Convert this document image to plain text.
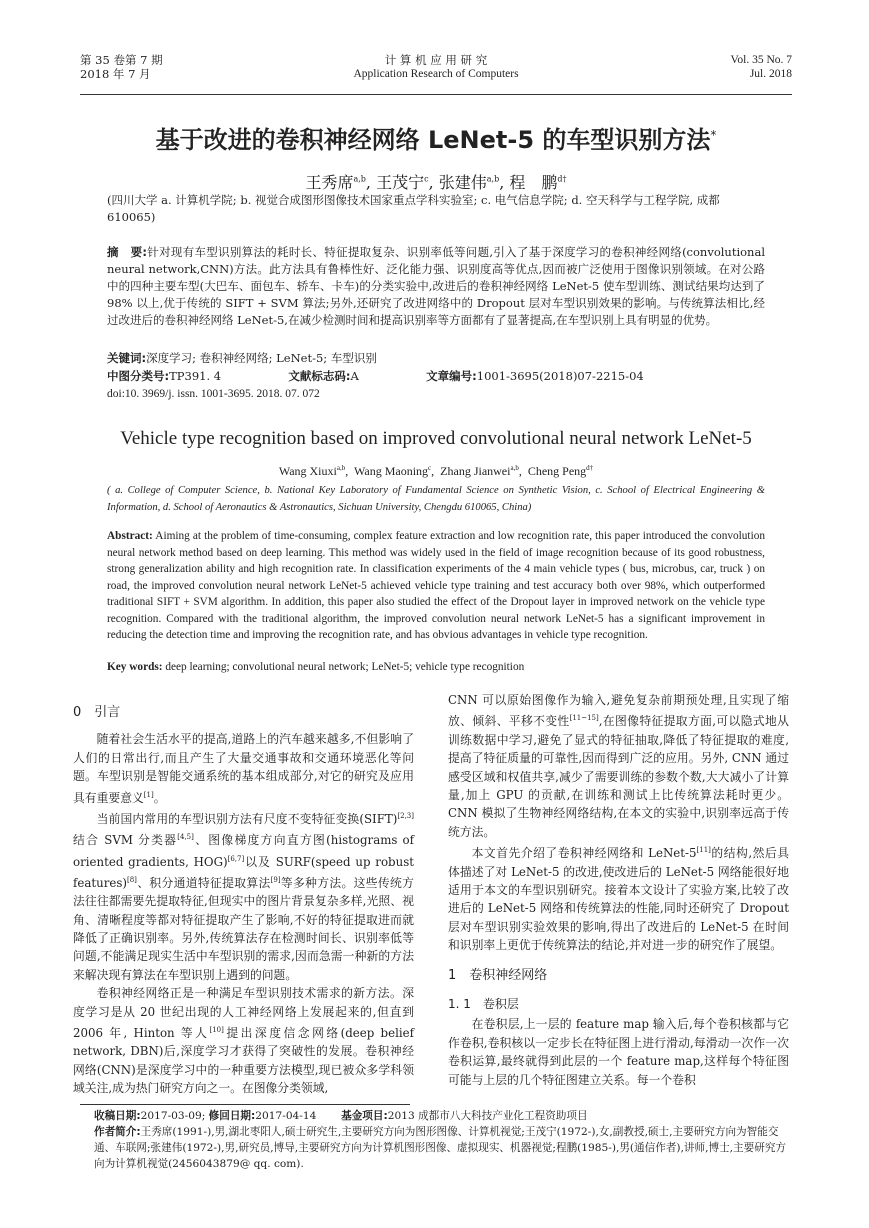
第 35 卷第 7 期
2018 年 7 月
计 算 机 应 用 研 究
Application Research of Computers
Vol. 35 No. 7
Jul. 2018
基于改进的卷积神经网络 LeNet-5 的车型识别方法*
王秀席$^{a,b}$, 王茂宁$^c$, 张建伟$^{a,b}$, 程　鹏$^{d\dagger}$
(四川大学 a. 计算机学院; b. 视觉合成图形图像技术国家重点学科实验室; c. 电气信息学院; d. 空天科学与工程学院, 成都 610065)
摘　要:针对现有车型识别算法的耗时长、特征提取复杂、识别率低等问题,引入了基于深度学习的卷积神经网络(convolutional neural network,CNN)方法。此方法具有鲁棒性好、泛化能力强、识别度高等优点,因而被广泛使用于图像识别领域。在对公路中的四种主要车型(大巴车、面包车、轿车、卡车)的分类实验中,改进后的卷积神经网络 LeNet-5 使车型训练、测试结果均达到了 98% 以上,优于传统的 SIFT + SVM 算法;另外,还研究了改进网络中的 Dropout 层对车型识别效果的影响。与传统算法相比,经过改进后的卷积神经网络 LeNet-5,在减少检测时间和提高识别率等方面都有了显著提高,在车型识别上具有明显的优势。
关键词:深度学习; 卷积神经网络; LeNet-5; 车型识别
中图分类号:TP391. 4	文献标志码:A	文章编号:1001-3695(2018)07-2215-04
doi:10. 3969/j. issn. 1001-3695. 2018. 07. 072
Vehicle type recognition based on improved convolutional neural network LeNet-5
Wang Xiuxi$^{a,b}$,  Wang Maoning$^c$,  Zhang Jianwei$^{a,b}$,  Cheng Peng$^{d\dagger}$
( a. College of Computer Science, b. National Key Laboratory of Fundamental Science on Synthetic Vision, c. School of Electrical Engineering & Information, d. School of Aeronautics & Astronautics, Sichuan University, Chengdu 610065, China)
Abstract: Aiming at the problem of time-consuming, complex feature extraction and low recognition rate, this paper introduced the convolution neural network method based on deep learning. This method was widely used in the field of image recognition because of its good robustness, strong generalization ability and high recognition rate. In classification experiments of the 4 main vehicle types ( bus, microbus, car, truck ) on road, the improved convolution neural network LeNet-5 achieved vehicle type training and test accuracy both over 98%, which outperformed traditional SIFT + SVM algorithm. In addition, this paper also studied the effect of the Dropout layer in improved network on the vehicle type recognition. Compared with the traditional algorithm, the improved convolution neural network LeNet-5 has a significant improvement in reducing the detection time and improving the recognition rate, and has obvious advantages in vehicle type recognition.
Key words: deep learning; convolutional neural network; LeNet-5; vehicle type recognition

0　引言

随着社会生活水平的提高,道路上的汽车越来越多,不但影响了人们的日常出行,而且产生了大量交通事故和交通环境恶化等问题。车型识别是智能交通系统的基本组成部分,对它的研究及应用具有重要意义[1]。

当前国内常用的车型识别方法有尺度不变特征变换(SIFT)[2,3]结合 SVM 分类器[4,5]、图像梯度方向直方图(histograms of oriented gradients, HOG)[6,7]以及 SURF(speed up robust features)[8]、积分通道特征提取算法[9]等多种方法。这些传统方法往往都需要先提取特征,但现实中的图片背景复杂多样,光照、视角、清晰程度等都对特征提取产生了影响,不好的特征提取进而就降低了正确识别率。另外,传统算法存在检测时间长、识别率低等问题,不能满足现实生活中车型识别的需求,因而急需一种新的方法来解决现有算法在车型识别上遇到的问题。

卷积神经网络正是一种满足车型识别技术需求的新方法。深度学习是从 20 世纪出现的人工神经网络上发展起来的,但直到 2006 年, Hinton 等人[10]提出深度信念网络(deep belief network, DBN)后,深度学习才获得了突破性的发展。卷积神经网络(CNN)是深度学习中的一种重要方法模型,现已被众多学科领域关注,成为热门研究方向之一。在图像分类领域,

CNN 可以原始图像作为输入,避免复杂前期预处理,且实现了缩放、倾斜、平移不变性[11~15],在图像特征提取方面,可以隐式地从训练数据中学习,避免了显式的特征抽取,降低了特征提取的难度,提高了特征质量的可靠性,因而得到广泛的应用。另外, CNN 通过感受区域和权值共享,减少了需要训练的参数个数,大大减小了计算量,加上 GPU 的贡献,在训练和测试上比传统算法耗时更少。CNN 模拟了生物神经网络结构,在本文的实验中,识别率远高于传统方法。

本文首先介绍了卷积神经网络和 LeNet-5[11]的结构,然后具体描述了对 LeNet-5 的改进,使改进后的 LeNet-5 网络能很好地适用于本文的车型识别研究。接着本文设计了实验方案,比较了改进后的 LeNet-5 网络和传统算法的性能,同时还研究了 Dropout 层对车型识别实验效果的影响,得出了改进后的 LeNet-5 在时间和识别率上更优于传统算法的结论,并对进一步的研究作了展望。

1　卷积神经网络

1. 1　卷积层

在卷积层,上一层的 feature map 输入后,每个卷积核都与它作卷积,卷积核以一定步长在特征图上进行滑动,每滑动一次作一次卷积运算,最终就得到此层的一个 feature map,这样每个特征图可能与上层的几个特征图建立关系。每一个卷积

收稿日期:2017-03-09; 修回日期:2017-04-14 基金项目:2013 成都市八大科技产业化工程资助项目
作者简介:王秀席(1991-),男,湖北枣阳人,硕士研究生,主要研究方向为图形图像、计算机视觉;王茂宁(1972-),女,副教授,硕士,主要研究方向为智能交通、车联网;张建伟(1972-),男,研究员,博导,主要研究方向为计算机图形图像、虚拟现实、机器视觉;程鹏(1985-),男(通信作者),讲师,博士,主要研究方向为计算机视觉(2456043879@ qq. com).
